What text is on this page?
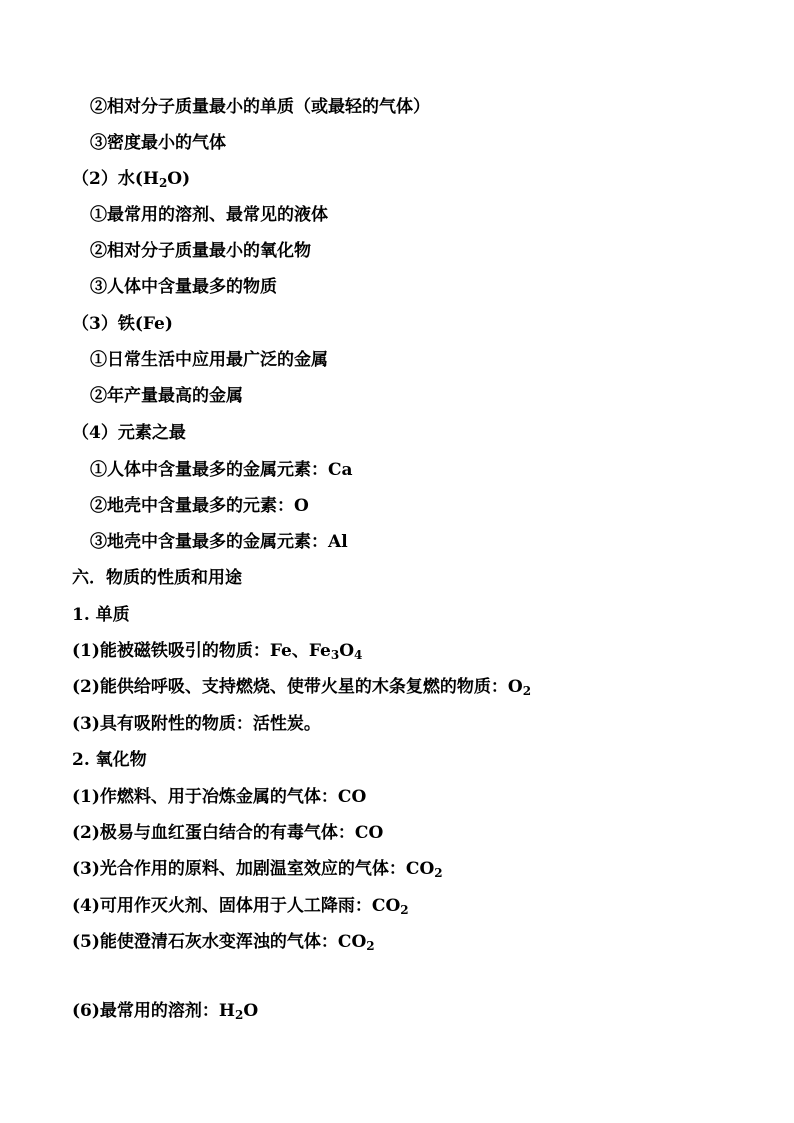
②相对分子质量最小的单质（或最轻的气体）
③密度最小的气体
（2）水$(H_2O)$
①最常用的溶剂、最常见的液体
②相对分子质量最小的氧化物
③人体中含量最多的物质
（3）铁(Fe)
①日常生活中应用最广泛的金属
②年产量最高的金属
（4）元素之最
①人体中含量最多的金属元素：Ca
②地壳中含量最多的元素：O
③地壳中含量最多的金属元素：Al
六．物质的性质和用途
1. 单质
(1)能被磁铁吸引的物质：Fe、$Fe_3O_4$
(2)能供给呼吸、支持燃烧、使带火星的木条复燃的物质：$O_2$
(3)具有吸附性的物质：活性炭。
2. 氧化物
(1)作燃料、用于冶炼金属的气体：CO
(2)极易与血红蛋白结合的有毒气体：CO
(3)光合作用的原料、加剧温室效应的气体：$CO_2$
(4)可用作灭火剂、固体用于人工降雨：$CO_2$
(5)能使澄清石灰水变浑浊的气体：$CO_2$
(6)最常用的溶剂：$H_2O$
